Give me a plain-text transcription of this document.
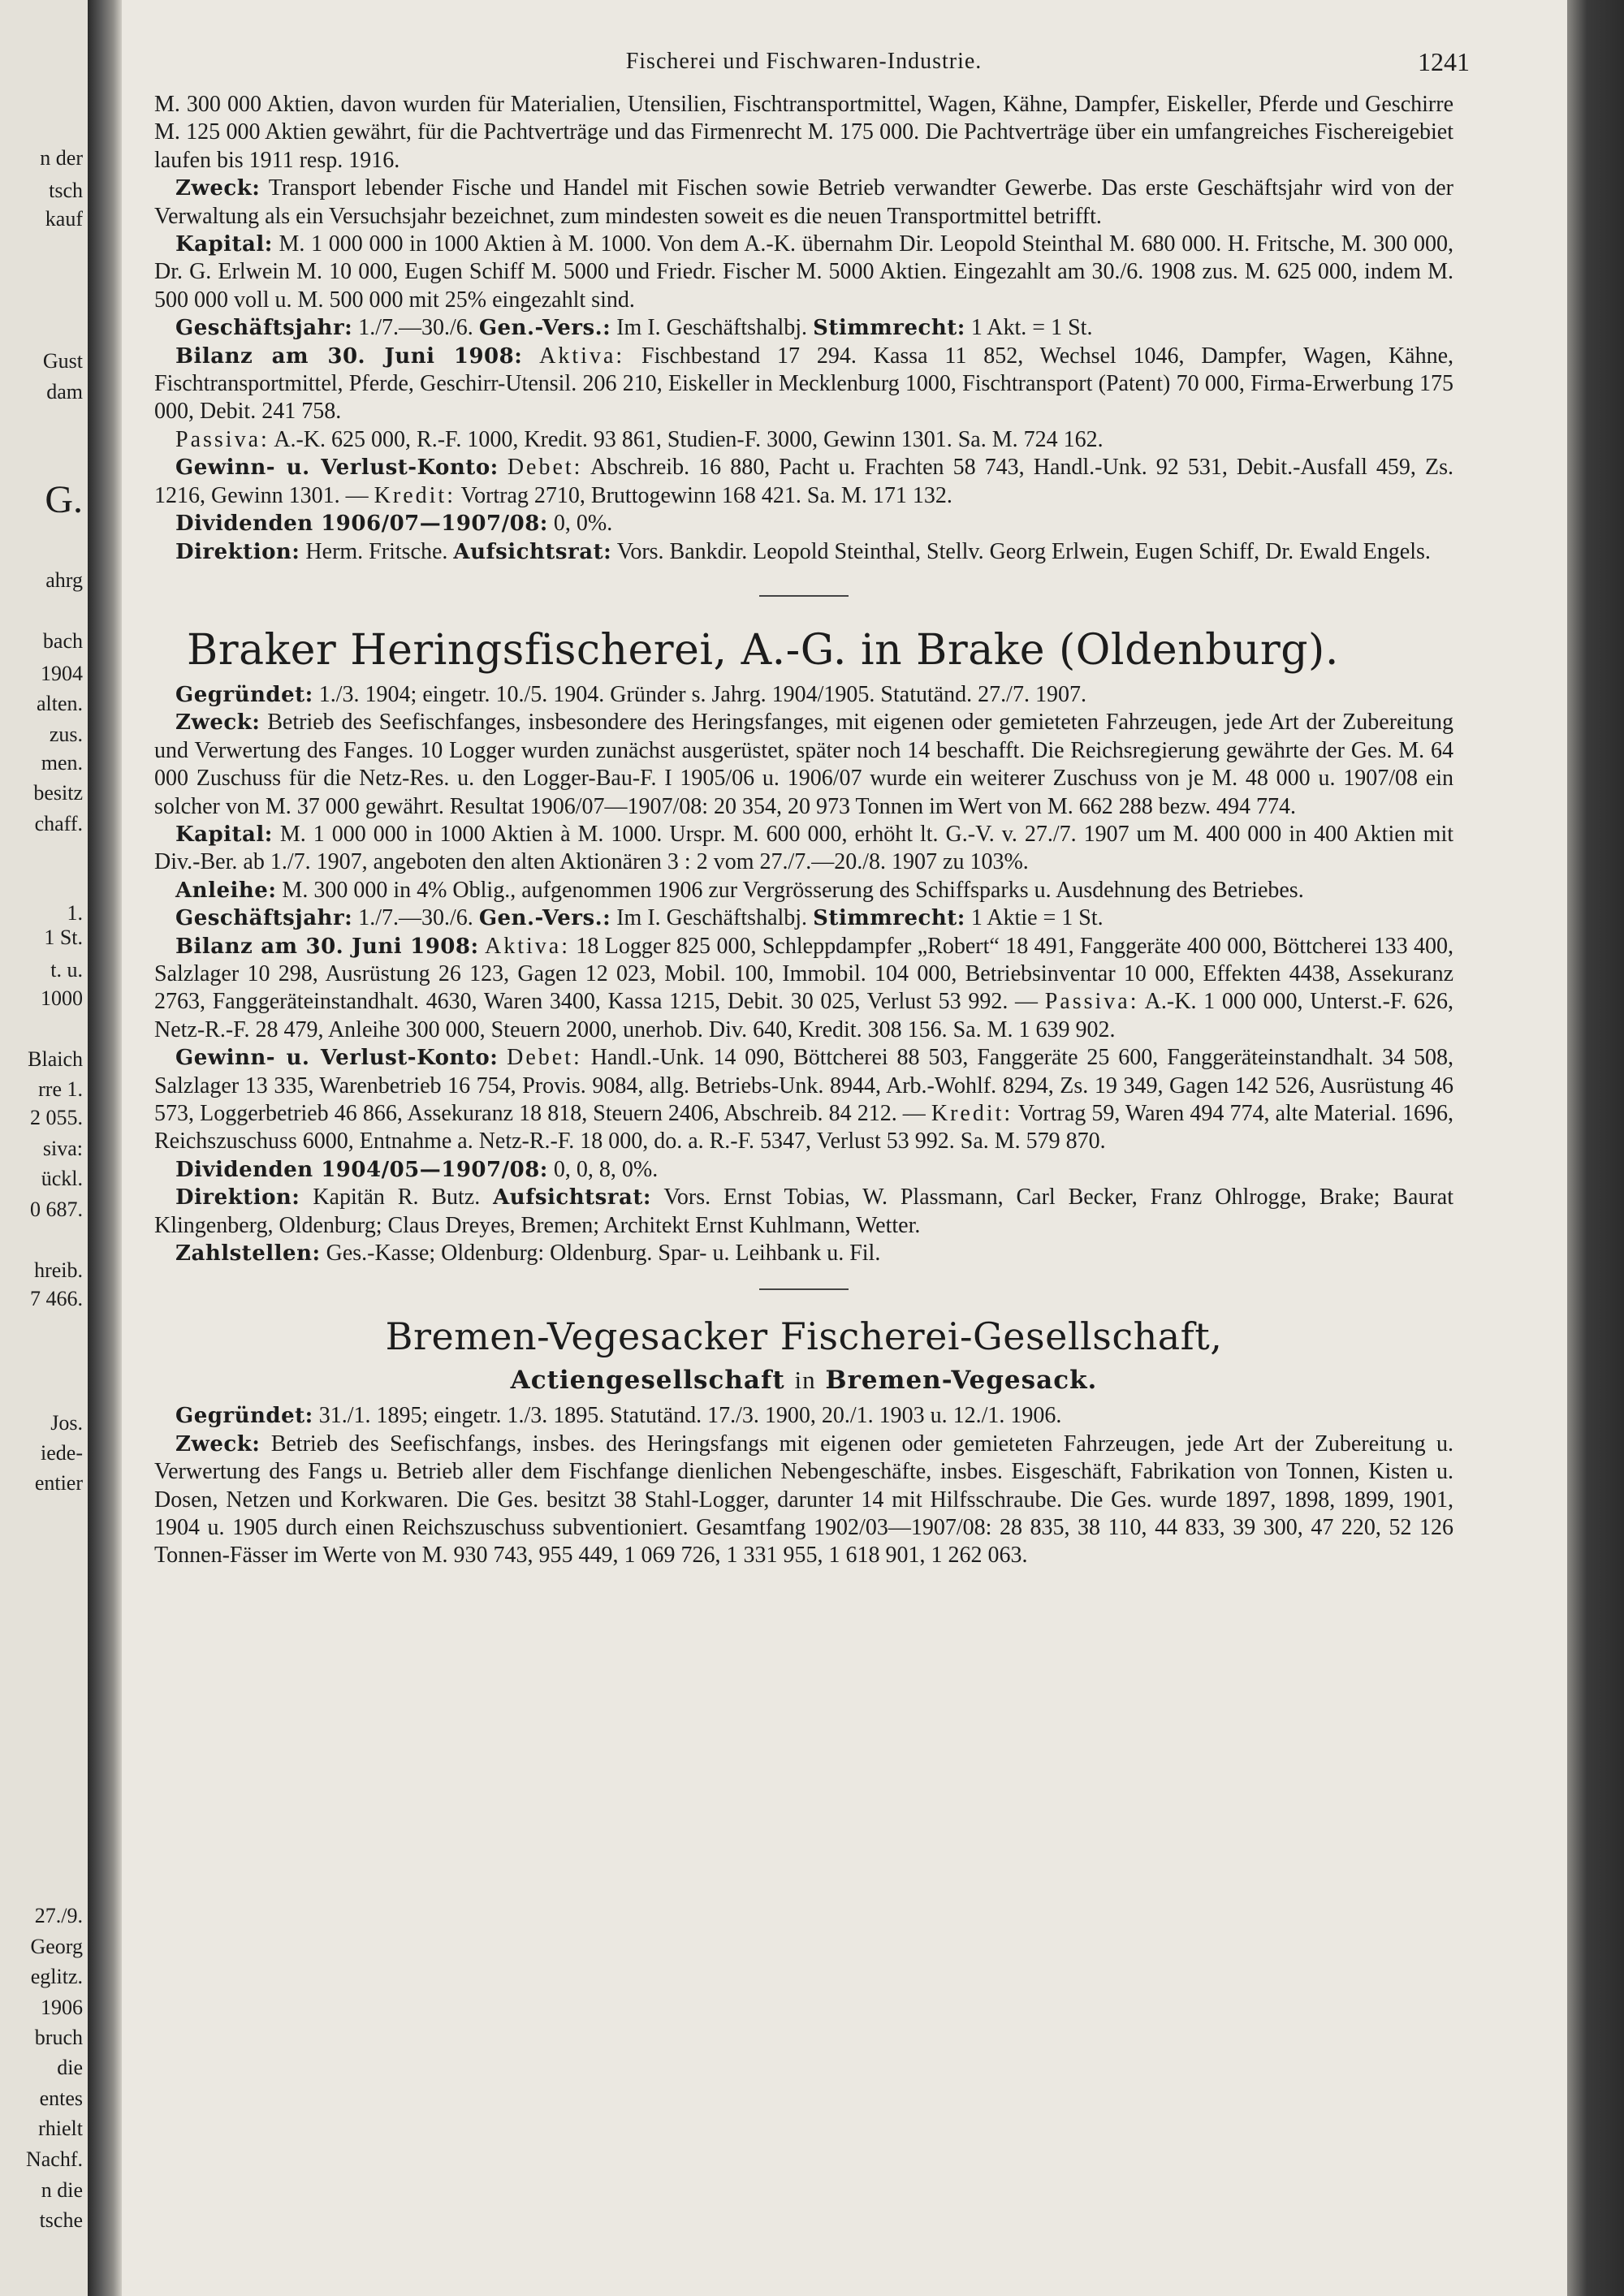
n der
tsch
kauf
Gust
dam
G.
ahrg
bach
1904
alten.
zus.
men.
besitz
chaff.
1.
1 St.
t. u.
1000
Blaich
rre 1.
2 055.
siva:
ückl.
0 687.
hreib.
7 466.
Jos.
iede-
entier
27./9.
Georg
eglitz.
1906
bruch
die
entes
rhielt
Nachf.
n die
tsche
Fischerei und Fischwaren-Industrie.	1241

M. 300 000 Aktien, davon wurden für Materialien, Utensilien, Fischtransportmittel, Wagen, Kähne, Dampfer, Eiskeller, Pferde und Geschirre M. 125 000 Aktien gewährt, für die Pachtverträge und das Firmenrecht M. 175 000. Die Pachtverträge über ein umfangreiches Fischereigebiet laufen bis 1911 resp. 1916.

Zweck: Transport lebender Fische und Handel mit Fischen sowie Betrieb verwandter Gewerbe. Das erste Geschäftsjahr wird von der Verwaltung als ein Versuchsjahr bezeichnet, zum mindesten soweit es die neuen Transportmittel betrifft.

Kapital: M. 1 000 000 in 1000 Aktien à M. 1000. Von dem A.-K. übernahm Dir. Leopold Steinthal M. 680 000. H. Fritsche, M. 300 000, Dr. G. Erlwein M. 10 000, Eugen Schiff M. 5000 und Friedr. Fischer M. 5000 Aktien. Eingezahlt am 30./6. 1908 zus. M. 625 000, indem M. 500 000 voll u. M. 500 000 mit 25% eingezahlt sind.

Geschäftsjahr: 1./7.—30./6. Gen.-Vers.: Im I. Geschäftshalbj. Stimmrecht: 1 Akt. = 1 St.

Bilanz am 30. Juni 1908: Aktiva: Fischbestand 17 294. Kassa 11 852, Wechsel 1046, Dampfer, Wagen, Kähne, Fischtransportmittel, Pferde, Geschirr-Utensil. 206 210, Eiskeller in Mecklenburg 1000, Fischtransport (Patent) 70 000, Firma-Erwerbung 175 000, Debit. 241 758.

Passiva: A.-K. 625 000, R.-F. 1000, Kredit. 93 861, Studien-F. 3000, Gewinn 1301. Sa. M. 724 162.

Gewinn- u. Verlust-Konto: Debet: Abschreib. 16 880, Pacht u. Frachten 58 743, Handl.-Unk. 92 531, Debit.-Ausfall 459, Zs. 1216, Gewinn 1301. — Kredit: Vortrag 2710, Bruttogewinn 168 421. Sa. M. 171 132.

Dividenden 1906/07—1907/08: 0, 0%.

Direktion: Herm. Fritsche. Aufsichtsrat: Vors. Bankdir. Leopold Steinthal, Stellv. Georg Erlwein, Eugen Schiff, Dr. Ewald Engels.

Braker Heringsfischerei, A.-G. in Brake (Oldenburg).

Gegründet: 1./3. 1904; eingetr. 10./5. 1904. Gründer s. Jahrg. 1904/1905. Statutänd. 27./7. 1907.

Zweck: Betrieb des Seefischfanges, insbesondere des Heringsfanges, mit eigenen oder gemieteten Fahrzeugen, jede Art der Zubereitung und Verwertung des Fanges. 10 Logger wurden zunächst ausgerüstet, später noch 14 beschafft. Die Reichsregierung gewährte der Ges. M. 64 000 Zuschuss für die Netz-Res. u. den Logger-Bau-F. I 1905/06 u. 1906/07 wurde ein weiterer Zuschuss von je M. 48 000 u. 1907/08 ein solcher von M. 37 000 gewährt. Resultat 1906/07—1907/08: 20 354, 20 973 Tonnen im Wert von M. 662 288 bezw. 494 774.

Kapital: M. 1 000 000 in 1000 Aktien à M. 1000. Urspr. M. 600 000, erhöht lt. G.-V. v. 27./7. 1907 um M. 400 000 in 400 Aktien mit Div.-Ber. ab 1./7. 1907, angeboten den alten Aktionären 3 : 2 vom 27./7.—20./8. 1907 zu 103%.

Anleihe: M. 300 000 in 4% Oblig., aufgenommen 1906 zur Vergrösserung des Schiffsparks u. Ausdehnung des Betriebes.

Geschäftsjahr: 1./7.—30./6. Gen.-Vers.: Im I. Geschäftshalbj. Stimmrecht: 1 Aktie = 1 St.

Bilanz am 30. Juni 1908: Aktiva: 18 Logger 825 000, Schleppdampfer „Robert“ 18 491, Fanggeräte 400 000, Böttcherei 133 400, Salzlager 10 298, Ausrüstung 26 123, Gagen 12 023, Mobil. 100, Immobil. 104 000, Betriebsinventar 10 000, Effekten 4438, Assekuranz 2763, Fanggeräteinstandhalt. 4630, Waren 3400, Kassa 1215, Debit. 30 025, Verlust 53 992. — Passiva: A.-K. 1 000 000, Unterst.-F. 626, Netz-R.-F. 28 479, Anleihe 300 000, Steuern 2000, unerhob. Div. 640, Kredit. 308 156. Sa. M. 1 639 902.

Gewinn- u. Verlust-Konto: Debet: Handl.-Unk. 14 090, Böttcherei 88 503, Fanggeräte 25 600, Fanggeräteinstandhalt. 34 508, Salzlager 13 335, Warenbetrieb 16 754, Provis. 9084, allg. Betriebs-Unk. 8944, Arb.-Wohlf. 8294, Zs. 19 349, Gagen 142 526, Ausrüstung 46 573, Loggerbetrieb 46 866, Assekuranz 18 818, Steuern 2406, Abschreib. 84 212. — Kredit: Vortrag 59, Waren 494 774, alte Material. 1696, Reichszuschuss 6000, Entnahme a. Netz-R.-F. 18 000, do. a. R.-F. 5347, Verlust 53 992. Sa. M. 579 870.

Dividenden 1904/05—1907/08: 0, 0, 8, 0%.

Direktion: Kapitän R. Butz. Aufsichtsrat: Vors. Ernst Tobias, W. Plassmann, Carl Becker, Franz Ohlrogge, Brake; Baurat Klingenberg, Oldenburg; Claus Dreyes, Bremen; Architekt Ernst Kuhlmann, Wetter.

Zahlstellen: Ges.-Kasse; Oldenburg: Oldenburg. Spar- u. Leihbank u. Fil.

Bremen-Vegesacker Fischerei-Gesellschaft,
Actiengesellschaft in Bremen-Vegesack.

Gegründet: 31./1. 1895; eingetr. 1./3. 1895. Statutänd. 17./3. 1900, 20./1. 1903 u. 12./1. 1906.

Zweck: Betrieb des Seefischfangs, insbes. des Heringsfangs mit eigenen oder gemieteten Fahrzeugen, jede Art der Zubereitung u. Verwertung des Fangs u. Betrieb aller dem Fischfange dienlichen Nebengeschäfte, insbes. Eisgeschäft, Fabrikation von Tonnen, Kisten u. Dosen, Netzen und Korkwaren. Die Ges. besitzt 38 Stahl-Logger, darunter 14 mit Hilfsschraube. Die Ges. wurde 1897, 1898, 1899, 1901, 1904 u. 1905 durch einen Reichszuschuss subventioniert. Gesamtfang 1902/03—1907/08: 28 835, 38 110, 44 833, 39 300, 47 220, 52 126 Tonnen-Fässer im Werte von M. 930 743, 955 449, 1 069 726, 1 331 955, 1 618 901, 1 262 063.
